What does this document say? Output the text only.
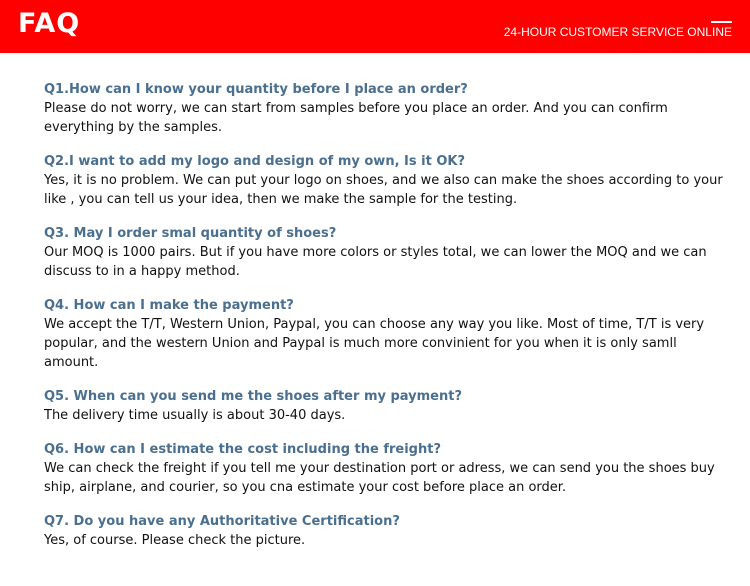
FAQ	24-HOUR CUSTOMER SERVICE ONLINE
Q1.How can I know your quantity before I place an order?
Please do not worry, we can start from samples before you place an order. And you can confirm everything by the samples.
Q2.I want to add my logo and design of my own, Is it OK?
Yes, it is no problem. We can put your logo on shoes, and we also can make the shoes according to your like , you can tell us your idea, then we make the sample for the testing.
Q3. May I order smal quantity of shoes?
Our MOQ is 1000 pairs. But if you have more colors or styles total, we can lower the MOQ and we can discuss to in a happy method.
Q4. How can I make the payment?
We accept the T/T, Western Union, Paypal, you can choose any way you like. Most of time, T/T is very popular, and the western Union and Paypal is much more convinient for you when it is only samll amount.
Q5. When can you send me the shoes after my payment?
The delivery time usually is about 30-40 days.
Q6. How can I estimate the cost including the freight?
We can check the freight if you tell me your destination port or adress, we can send you the shoes buy ship, airplane, and courier, so you cna estimate your cost before place an order.
Q7. Do you have any Authoritative Certification?
Yes, of course. Please check the picture.
